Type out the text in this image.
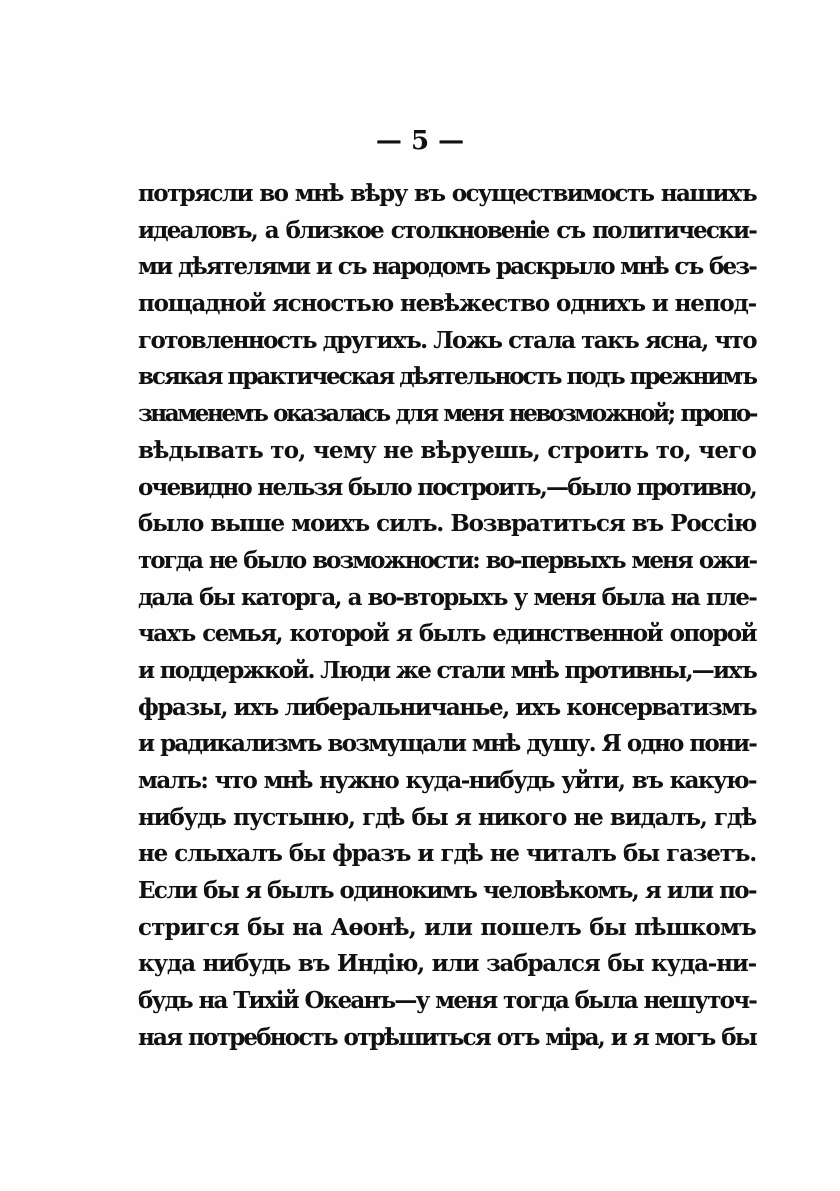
— 5 —
потрясли во мнѣ вѣру въ осуществимость нашихъ
идеаловъ, а близкое столкновеніе съ политически-
ми дѣятелями и съ народомъ раскрыло мнѣ съ без-
пощадной ясностью невѣжество однихъ и непод-
готовленность другихъ. Ложь стала такъ ясна, что
всякая практическая дѣятельность подъ прежнимъ
знаменемъ оказалась для меня невозможной; пропо-
вѣдывать то, чему не вѣруешь, строить то, чего
очевидно нельзя было построить,—было противно,
было выше моихъ силъ. Возвратиться въ Россію
тогда не было возможности: во-первыхъ меня ожи-
дала бы каторга, а во-вторыхъ у меня была на пле-
чахъ семья, которой я былъ единственной опорой
и поддержкой. Люди же стали мнѣ противны,—ихъ
фразы, ихъ либеральничанье, ихъ консерватизмъ
и радикализмъ возмущали мнѣ душу. Я одно пони-
малъ: что мнѣ нужно куда-нибудь уйти, въ какую-
нибудь пустыню, гдѣ бы я никого не видалъ, гдѣ
не слыхалъ бы фразъ и гдѣ не читалъ бы газетъ.
Если бы я былъ одинокимъ человѣкомъ, я или по-
стригся бы на Аѳонѣ, или пошелъ бы пѣшкомъ
куда нибудь въ Индію, или забрался бы куда-ни-
будь на Тихій Океанъ—у меня тогда была нешуточ-
ная потребность отрѣшиться отъ міра, и я могъ бы
